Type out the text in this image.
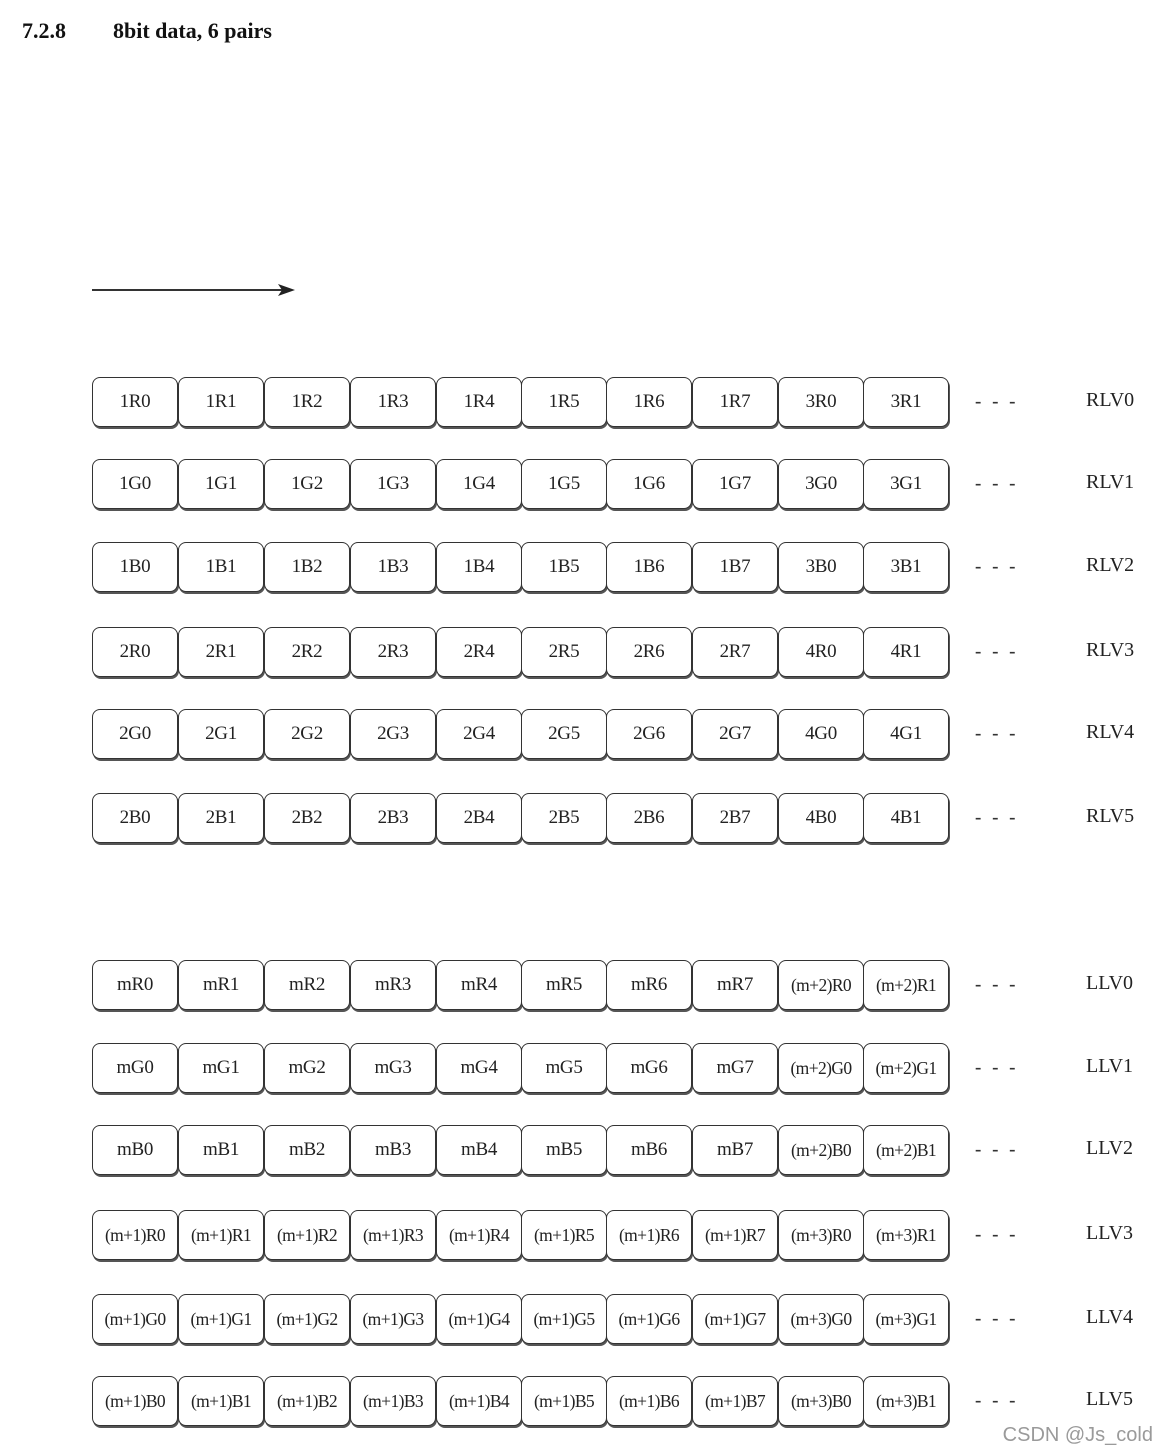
7.2.8 8bit data, 6 pairs
1R0	1R1	1R2	1R3	1R4	1R5	1R6	1R7	3R0	3R1	- - -	RLV0
1G0	1G1	1G2	1G3	1G4	1G5	1G6	1G7	3G0	3G1	- - -	RLV1
1B0	1B1	1B2	1B3	1B4	1B5	1B6	1B7	3B0	3B1	- - -	RLV2
2R0	2R1	2R2	2R3	2R4	2R5	2R6	2R7	4R0	4R1	- - -	RLV3
2G0	2G1	2G2	2G3	2G4	2G5	2G6	2G7	4G0	4G1	- - -	RLV4
2B0	2B1	2B2	2B3	2B4	2B5	2B6	2B7	4B0	4B1	- - -	RLV5
mR0	mR1	mR2	mR3	mR4	mR5	mR6	mR7	(m+2)R0	(m+2)R1	- - -	LLV0
mG0	mG1	mG2	mG3	mG4	mG5	mG6	mG7	(m+2)G0	(m+2)G1	- - -	LLV1
mB0	mB1	mB2	mB3	mB4	mB5	mB6	mB7	(m+2)B0	(m+2)B1	- - -	LLV2
(m+1)R0	(m+1)R1	(m+1)R2	(m+1)R3	(m+1)R4	(m+1)R5	(m+1)R6	(m+1)R7	(m+3)R0	(m+3)R1	- - -	LLV3
(m+1)G0	(m+1)G1	(m+1)G2	(m+1)G3	(m+1)G4	(m+1)G5	(m+1)G6	(m+1)G7	(m+3)G0	(m+3)G1	- - -	LLV4
(m+1)B0	(m+1)B1	(m+1)B2	(m+1)B3	(m+1)B4	(m+1)B5	(m+1)B6	(m+1)B7	(m+3)B0	(m+3)B1	- - -	LLV5
CSDN @Js_cold
